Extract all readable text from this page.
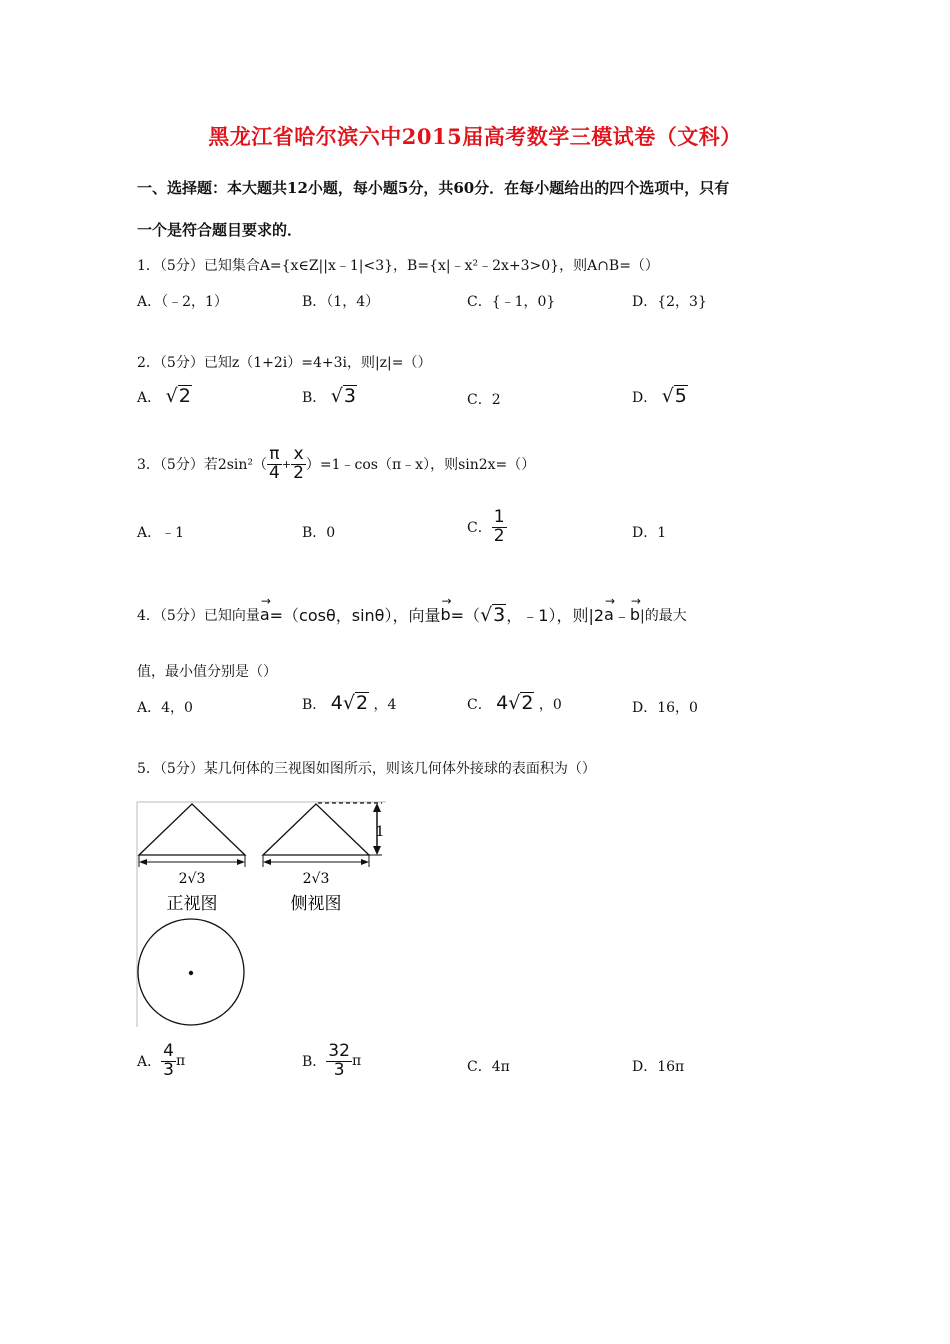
黑龙江省哈尔滨六中2015届高考数学三模试卷（文科）
一、选择题：本大题共12小题，每小题5分，共60分．在每小题给出的四个选项中，只有
一个是符合题目要求的．
1．（5分）已知集合A={x∈Z||x﹣1|<3}，B={x|﹣x²﹣2x+3>0}，则A∩B=（）
A．（﹣2，1）	B．（1，4）	C．{﹣1，0}	D．{2，3}
2．（5分）已知z（1+2i）=4+3i，则|z|=（）
A． √ 2	B． √ 3	C．2	D． √ 5
3．（5分）若$2\sin^2( \frac{\pi}{4} + \frac{x}{2}$ ）=1﹣cos（π﹣x），则sin2x=（）
A．﹣1	B．0	C． $\frac{1}{2}$	D．1
4．（5分）已知向量 → a =（cosθ，sinθ），向量 → b =（ √ 3 ，﹣1），则|2 → a ﹣ → b |的最大
值，最小值分别是（）
A．4，0	B． 4 √ 2 ，4	C． 4 √ 2 ，0	D．16，0
5．（5分）某几何体的三视图如图所示，则该几何体外接球的表面积为（）
2√3
正视图
2√3
侧视图
1
A． $\frac{4}{3}$ π	B． $\frac{32}{3}$ π	C．4π	D．16π
